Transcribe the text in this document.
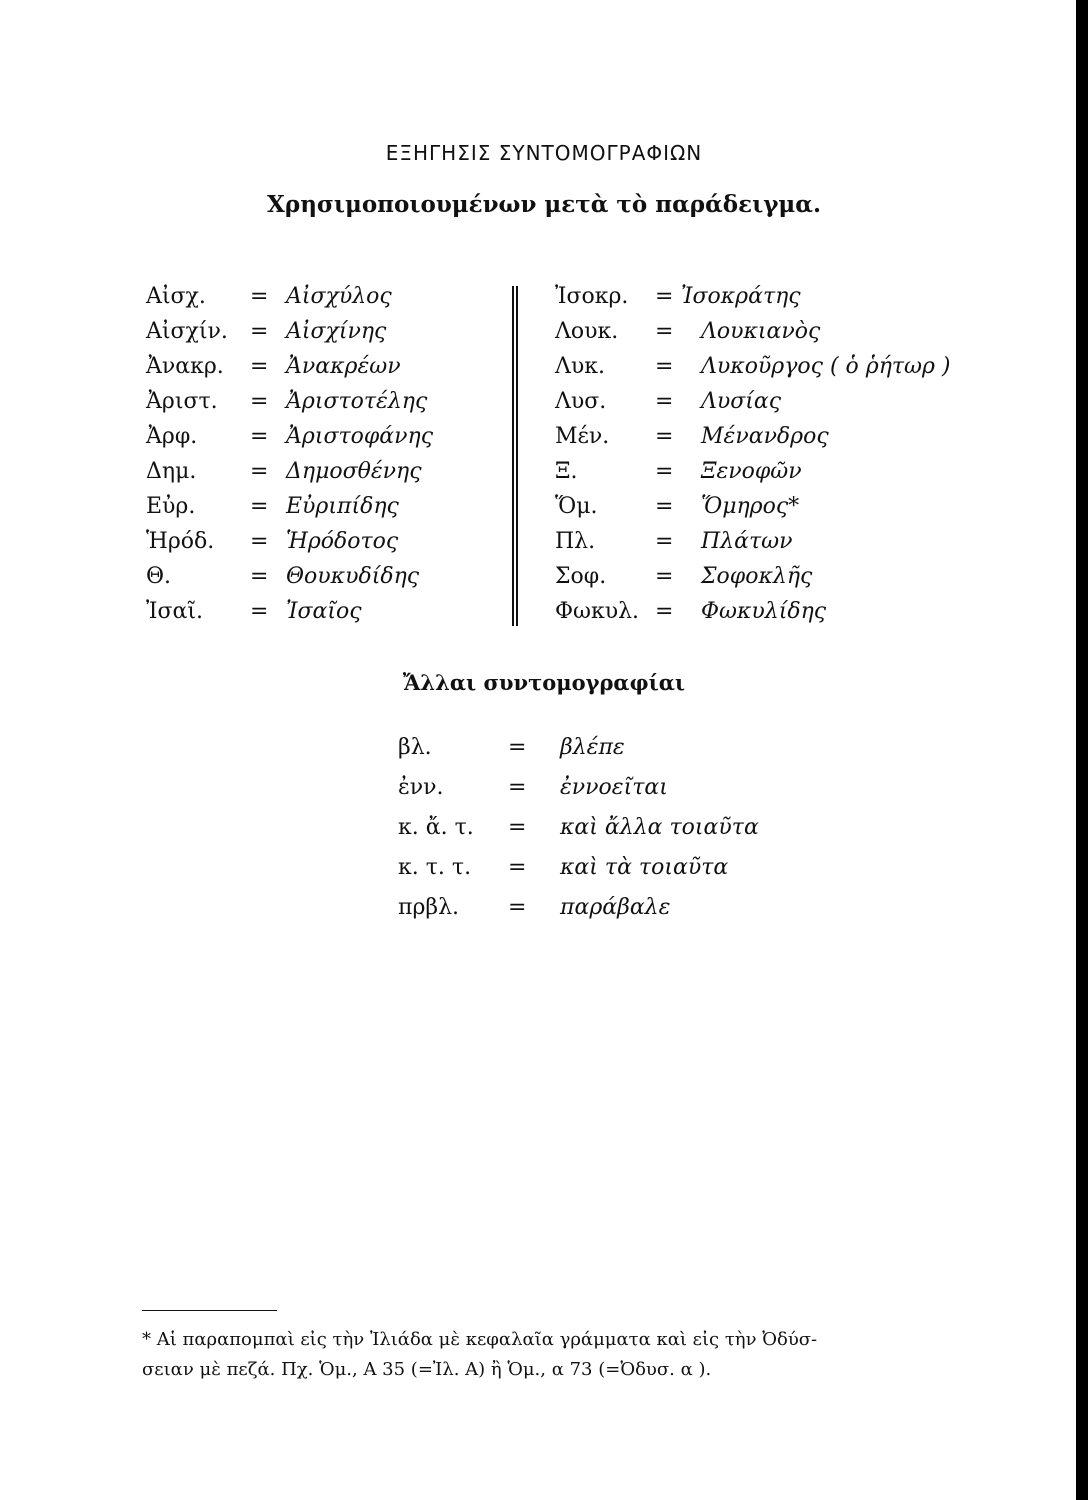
ΕΞΗΓΗΣΙΣ ΣΥΝΤΟΜΟΓΡΑΦΙΩΝ
Χρησιμοποιουμένων μετὰ τὸ παράδειγμα.
Αἰσχ. = Αἰσχύλος
Αἰσχίν. = Αἰσχίνης
Ἀνακρ. = Ἀνακρέων
Ἀριστ. = Ἀριστοτέλης
Ἀρφ. = Ἀριστοφάνης
Δημ. = Δημοσθένης
Εὐρ. = Εὐριπίδης
Ἡρόδ. = Ἡρόδοτος
Θ.	= Θουκυδίδης
Ἰσαῖ. = Ἰσαῖος
Ἰσοκρ. = Ἰσοκράτης
Λουκ. = Λουκιανὸς
Λυκ. = Λυκοῦργος ( ὁ ῥήτωρ )
Λυσ. = Λυσίας
Μέν. = Μένανδρος
Ξ.	= Ξενοφῶν
Ὅμ.	= Ὅμηρος*
Πλ.	= Πλάτων
Σοφ. = Σοφοκλῆς
Φωκυλ. = Φωκυλίδης
Ἄλλαι συντομογραφίαι
βλ.	= βλέπε
ἐνν.	= ἐννοεῖται
κ. ἄ. τ. = καὶ ἄλλα τοιαῦτα
κ. τ. τ. = καὶ τὰ τοιαῦτα
πρβλ. = παράβαλε
* Αἱ παραπομπαὶ εἰς τὴν Ἰλιάδα μὲ κεφαλαῖα γράμματα καὶ εἰς τὴν Ὀδύσ-
σειαν μὲ πεζά. Πχ. Ὁμ., Α 35 (=Ἰλ. Α) ἢ Ὁμ., α 73 (=Ὀδυσ. α ).
